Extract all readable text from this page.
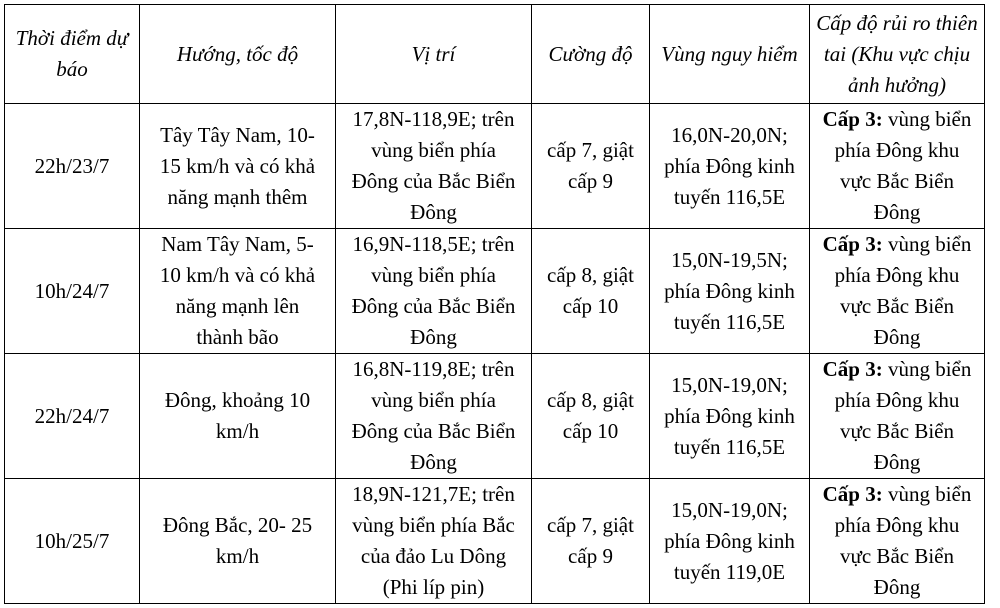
Thời điểm dự báo	Hướng, tốc độ	Vị trí	Cường độ	Vùng nguy hiểm	Cấp độ rủi ro thiên tai (Khu vực chịu ảnh hưởng)
22h/23/7	Tây Tây Nam, 10-
15 km/h và có khả
năng mạnh thêm	17,8N-118,9E; trên
vùng biển phía
Đông của Bắc Biển
Đông	cấp 7, giật
cấp 9	16,0N-20,0N;
phía Đông kinh
tuyến 116,5E	Cấp 3: vùng biển
phía Đông khu
vực Bắc Biển
Đông
10h/24/7	Nam Tây Nam, 5-
10 km/h và có khả
năng mạnh lên
thành bão	16,9N-118,5E; trên
vùng biển phía
Đông của Bắc Biển
Đông	cấp 8, giật
cấp 10	15,0N-19,5N;
phía Đông kinh
tuyến 116,5E	Cấp 3: vùng biển
phía Đông khu
vực Bắc Biển
Đông
22h/24/7	Đông, khoảng 10
km/h	16,8N-119,8E; trên
vùng biển phía
Đông của Bắc Biển
Đông	cấp 8, giật
cấp 10	15,0N-19,0N;
phía Đông kinh
tuyến 116,5E	Cấp 3: vùng biển
phía Đông khu
vực Bắc Biển
Đông
10h/25/7	Đông Bắc, 20- 25
km/h	18,9N-121,7E; trên
vùng biển phía Bắc
của đảo Lu Dông
(Phi líp pin)	cấp 7, giật
cấp 9	15,0N-19,0N;
phía Đông kinh
tuyến 119,0E	Cấp 3: vùng biển
phía Đông khu
vực Bắc Biển
Đông
